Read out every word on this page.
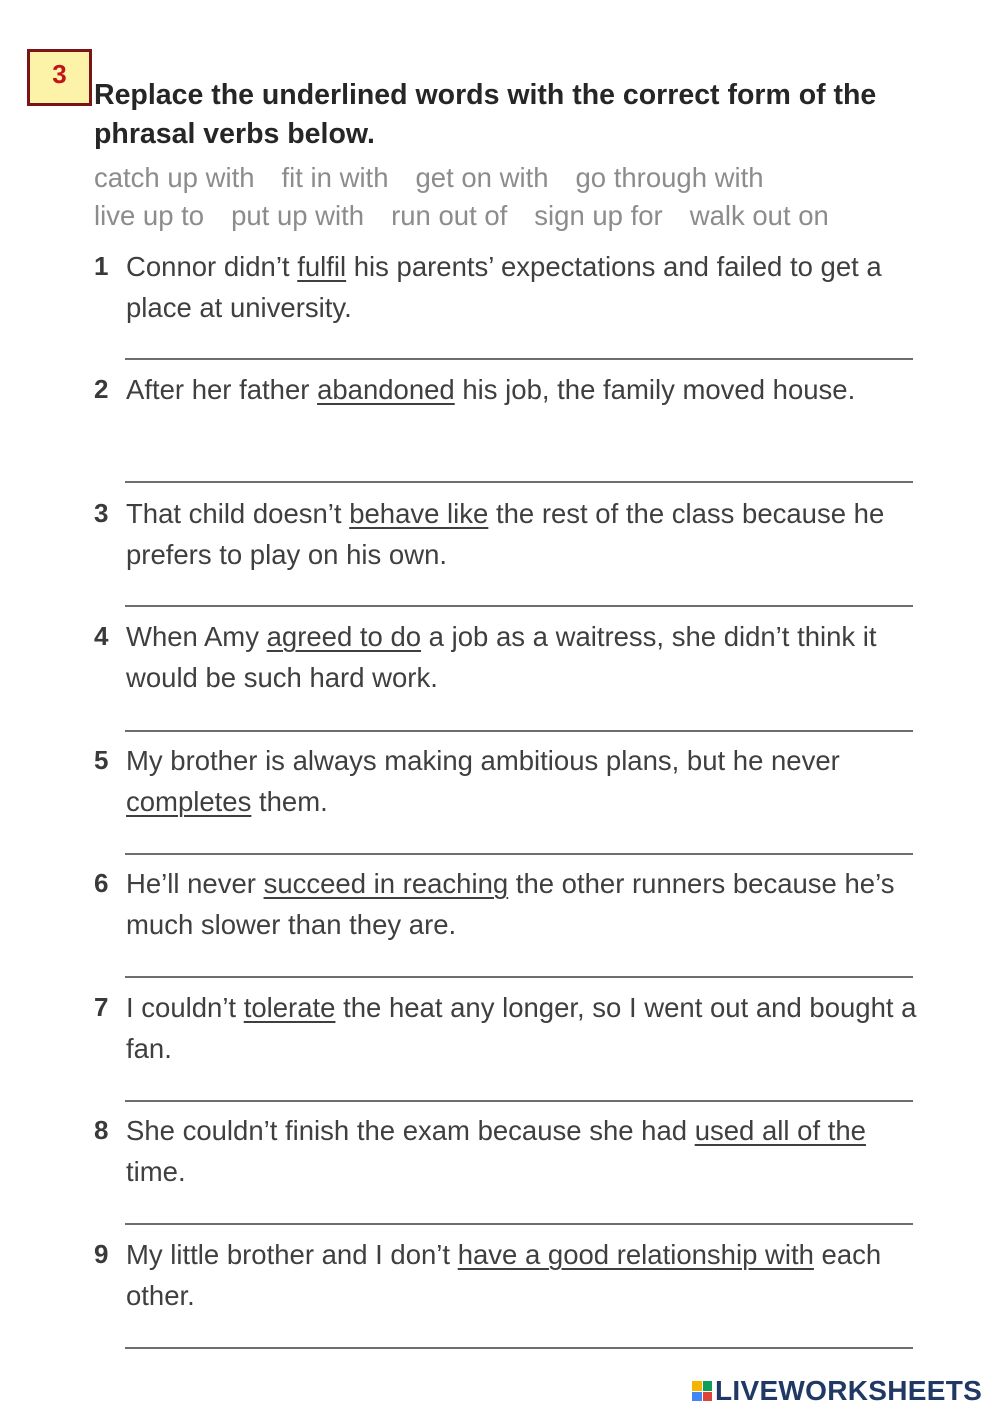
3
Replace the underlined words with the correct form of the phrasal verbs below.
catch up with fit in with get on with go through with
live up to put up with run out of sign up for walk out on
1 Connor didn’t fulfil his parents’ expectations and failed to get a place at university.
2 After her father abandoned his job, the family moved house.
3 That child doesn’t behave like the rest of the class because he prefers to play on his own.
4 When Amy agreed to do a job as a waitress, she didn’t think it would be such hard work.
5 My brother is always making ambitious plans, but he never completes them.
6 He’ll never succeed in reaching the other runners because he’s much slower than they are.
7 I couldn’t tolerate the heat any longer, so I went out and bought a fan.
8 She couldn’t finish the exam because she had used all of the time.
9 My little brother and I don’t have a good relationship with each other.
LIVEWORKSHEETS
